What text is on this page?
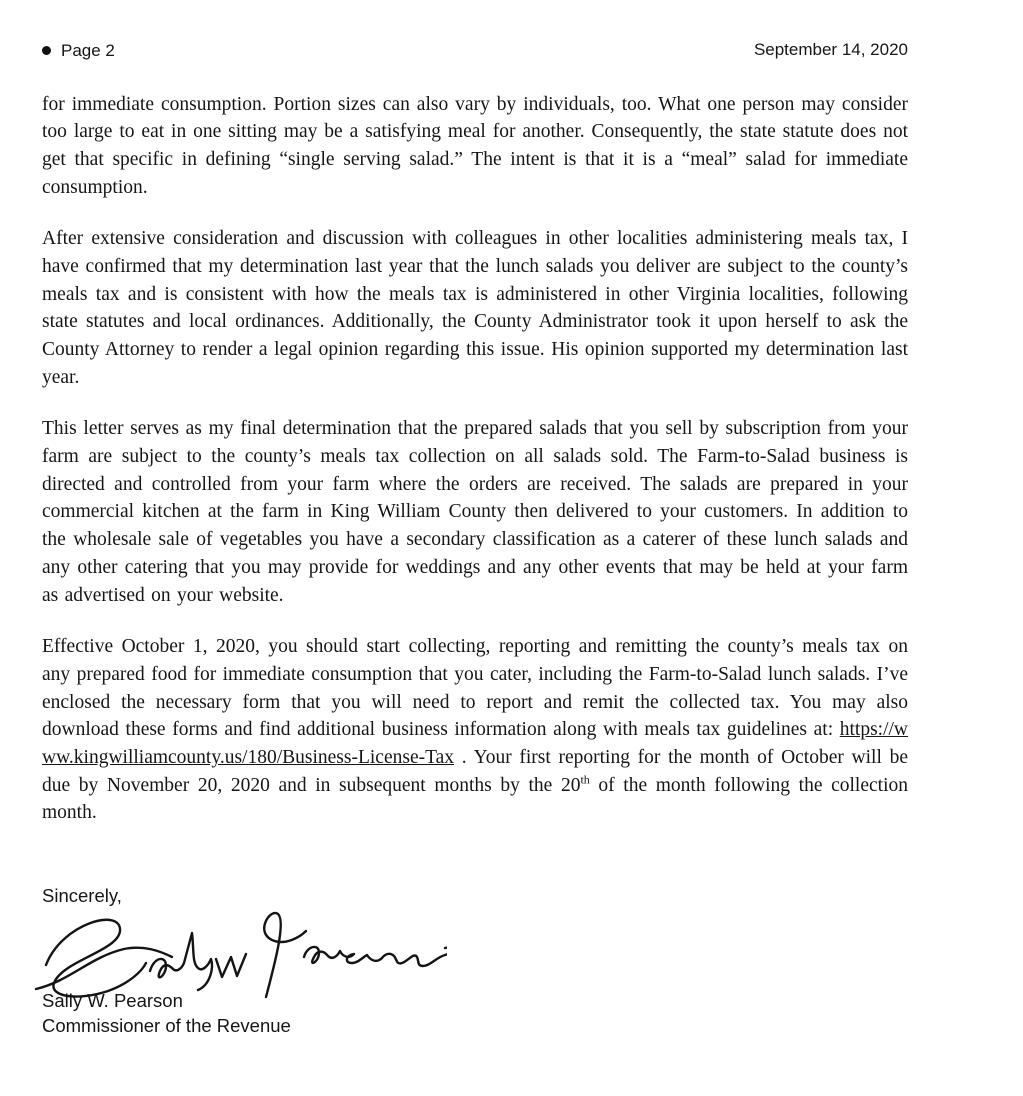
Page 2	September 14, 2020

for immediate consumption. Portion sizes can also vary by individuals, too. What one person may consider too large to eat in one sitting may be a satisfying meal for another. Consequently, the state statute does not get that specific in defining “single serving salad.” The intent is that it is a “meal” salad for immediate consumption.

After extensive consideration and discussion with colleagues in other localities administering meals tax, I have confirmed that my determination last year that the lunch salads you deliver are subject to the county’s meals tax and is consistent with how the meals tax is administered in other Virginia localities, following state statutes and local ordinances. Additionally, the County Administrator took it upon herself to ask the County Attorney to render a legal opinion regarding this issue. His opinion supported my determination last year.

This letter serves as my final determination that the prepared salads that you sell by subscription from your farm are subject to the county’s meals tax collection on all salads sold. The Farm-to-Salad business is directed and controlled from your farm where the orders are received. The salads are prepared in your commercial kitchen at the farm in King William County then delivered to your customers. In addition to the wholesale sale of vegetables you have a secondary classification as a caterer of these lunch salads and any other catering that you may provide for weddings and any other events that may be held at your farm as advertised on your website.

Effective October 1, 2020, you should start collecting, reporting and remitting the county’s meals tax on any prepared food for immediate consumption that you cater, including the Farm-to-Salad lunch salads. I’ve enclosed the necessary form that you will need to report and remit the collected tax. You may also download these forms and find additional business information along with meals tax guidelines at: https://www.kingwilliamcounty.us/180/Business-License-Tax . Your first reporting for the month of October will be due by November 20, 2020 and in subsequent months by the 20th of the month following the collection month.

Sincerely,

Sally W. Pearson

Commissioner of the Revenue
